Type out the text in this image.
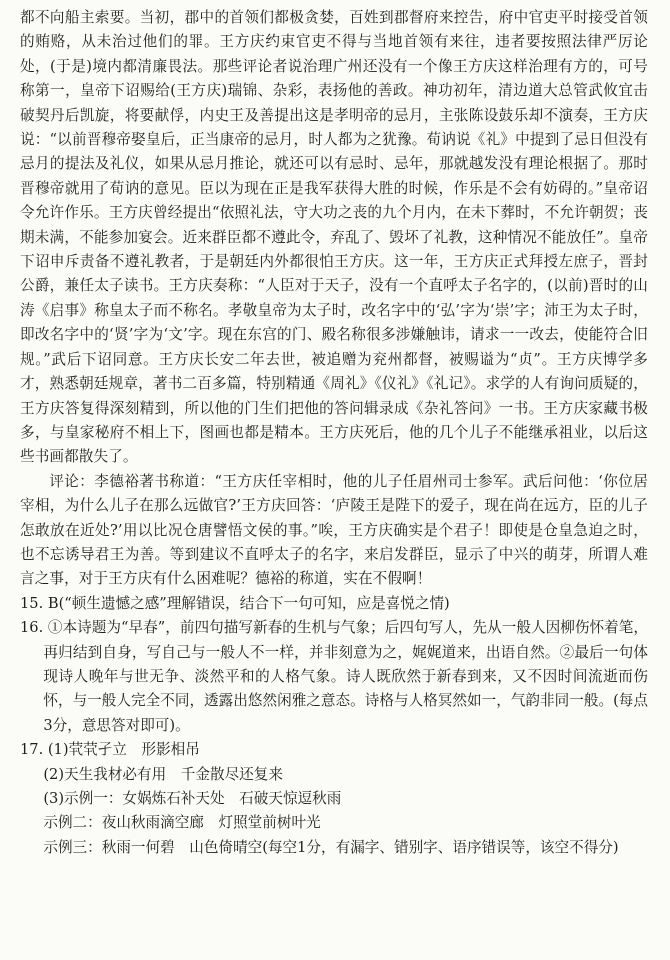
都不向船主索要。当初，郡中的首领们都极贪婪，百姓到郡督府来控告，府中官吏平时接受首领的贿赂，从未治过他们的罪。王方庆约束官吏不得与当地首领有来往，违者要按照法律严厉论处，(于是)境内都清廉畏法。那些评论者说治理广州还没有一个像王方庆这样治理有方的，可号称第一，皇帝下诏赐给(王方庆)瑞锦、杂彩，表扬他的善政。神功初年，清边道大总管武攸宜击破契丹后凯旋，将要献俘，内史王及善提出这是孝明帝的忌月，主张陈设鼓乐却不演奏，王方庆说：“以前晋穆帝娶皇后，正当康帝的忌月，时人都为之犹豫。荀讷说《礼》中提到了忌日但没有忌月的提法及礼仪，如果从忌月推论，就还可以有忌时、忌年，那就越发没有理论根据了。那时晋穆帝就用了荀讷的意见。臣以为现在正是我军获得大胜的时候，作乐是不会有妨碍的。”皇帝诏令允许作乐。王方庆曾经提出“依照礼法，守大功之丧的九个月内，在未下葬时，不允许朝贺；丧期未满，不能参加宴会。近来群臣都不遵此令，弃乱了、毁坏了礼教，这种情况不能放任”。皇帝下诏申斥责备不遵礼教者，于是朝廷内外都很怕王方庆。这一年，王方庆正式拜授左庶子，晋封公爵，兼任太子读书。王方庆奏称：“人臣对于天子，没有一个直呼太子名字的，(以前)晋时的山涛《启事》称皇太子而不称名。孝敬皇帝为太子时，改名字中的‘弘’字为‘崇’字；沛王为太子时，即改名字中的‘贤’字为‘文’字。现在东宫的门、殿名称很多涉嫌触讳，请求一一改去，使能符合旧规。”武后下诏同意。王方庆长安二年去世，被追赠为兖州都督，被赐谥为“贞”。王方庆博学多才，熟悉朝廷规章，著书二百多篇，特别精通《周礼》《仪礼》《礼记》。求学的人有询问质疑的，王方庆答复得深刻精到，所以他的门生们把他的答问辑录成《杂礼答问》一书。王方庆家藏书极多，与皇家秘府不相上下，图画也都是精本。王方庆死后，他的几个儿子不能继承祖业，以后这些书画都散失了。

评论：李德裕著书称道：“王方庆任宰相时，他的儿子任眉州司士参军。武后问他：‘你位居宰相，为什么儿子在那么远做官?’王方庆回答：‘庐陵王是陛下的爱子，现在尚在远方，臣的儿子怎敢放在近处?’用以比况仓唐譬悟文侯的事。”唉，王方庆确实是个君子！即使是仓皇急迫之时，也不忘诱导君王为善。等到建议不直呼太子的名字，来启发群臣，显示了中兴的萌芽，所谓人难言之事，对于王方庆有什么困难呢？德裕的称道，实在不假啊！

15. B(“顿生遗憾之感”理解错误，结合下一句可知，应是喜悦之情)

16. ①本诗题为“早春”，前四句描写新春的生机与气象；后四句写人，先从一般人因柳伤怀着笔，再归结到自身，写自己与一般人不一样，并非刻意为之，娓娓道来，出语自然。②最后一句体现诗人晚年与世无争、淡然平和的人格气象。诗人既欣然于新春到来，又不因时间流逝而伤怀，与一般人完全不同，透露出悠然闲雅之意态。诗格与人格冥然如一，气韵非同一般。(每点3分，意思答对即可)。

17. (1)茕茕孑立　形影相吊

(2)天生我材必有用　千金散尽还复来

(3)示例一：女娲炼石补天处　石破天惊逗秋雨

示例二：夜山秋雨滴空廊　灯照堂前树叶光

示例三：秋雨一何碧　山色倚晴空(每空1分，有漏字、错别字、语序错误等，该空不得分)
